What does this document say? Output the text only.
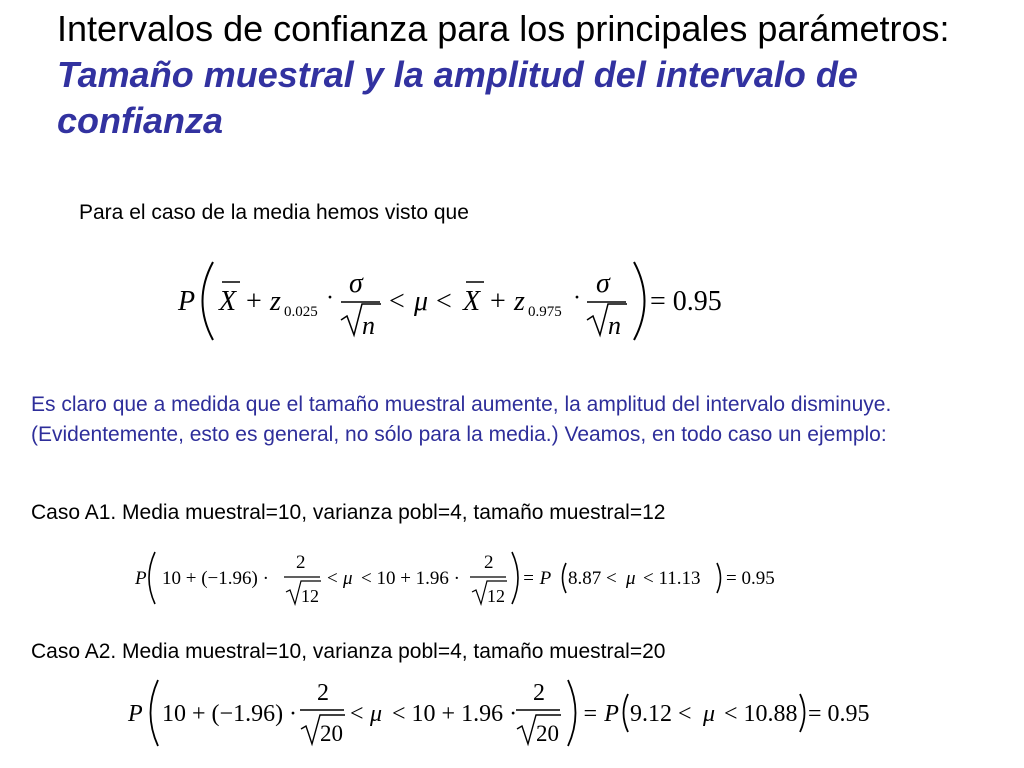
Intervalos de confianza para los principales parámetros: Tamaño muestral y la amplitud del intervalo de confianza
Para el caso de la media hemos visto que
P X + z 0.025
· σ
n
< μ < X + z 0.975
· σ
n
= 0.95
Es claro que a medida que el tamaño muestral aumente, la amplitud del intervalo disminuye. (Evidentemente, esto es general, no sólo para la media.) Veamos, en todo caso un ejemplo:
Caso A1. Media muestral=10, varianza pobl=4, tamaño muestral=12
P 10 + (−1.96) ·
2
12
< μ < 10 + 1.96 ·
2
12
= P 8.87 < μ < 11.13 = 0.95
Caso A2. Media muestral=10, varianza pobl=4, tamaño muestral=20
P 10 + (−1.96) ·
2
20
< μ < 10 + 1.96 ·
2
20
= P 9.12 < μ < 10.88 = 0.95
